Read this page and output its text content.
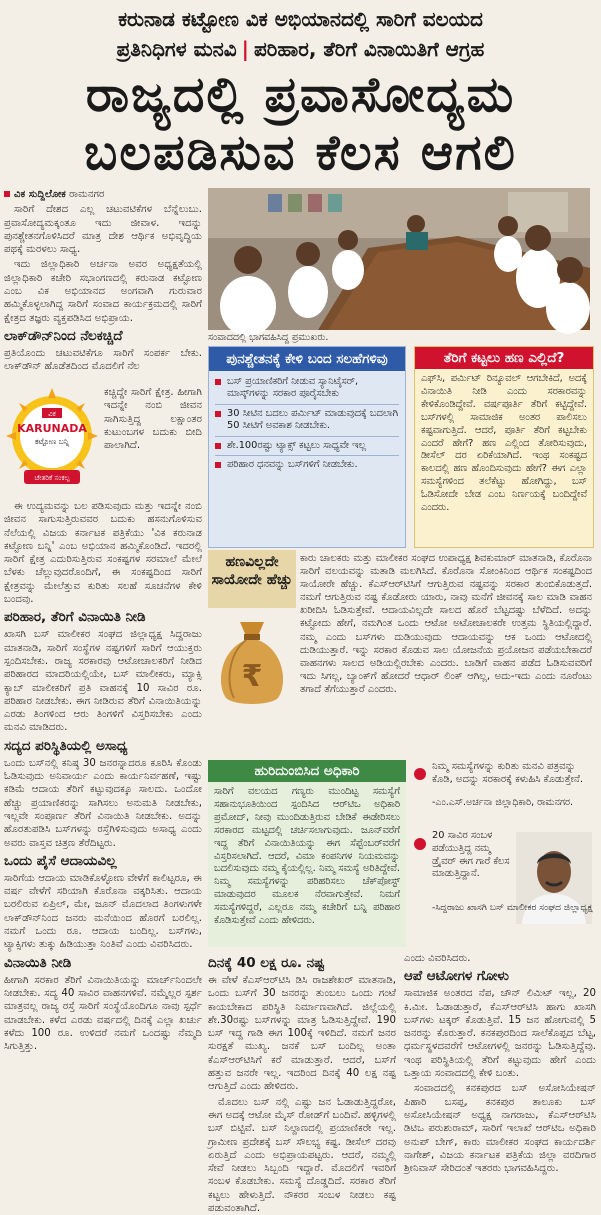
ಕರುನಾಡ ಕಟ್ಟೋಣ ವಿಕ ಅಭಿಯಾನದಲ್ಲಿ ಸಾರಿಗೆ ವಲಯದ
ಪ್ರತಿನಿಧಿಗಳ ಮನವಿ | ಪರಿಹಾರ, ತೆರಿಗೆ ವಿನಾಯಿತಿಗೆ ಆಗ್ರಹ
ರಾಜ್ಯದಲ್ಲಿ ಪ್ರವಾಸೋದ್ಯಮ
ಬಲಪಡಿಸುವ ಕೆಲಸ ಆಗಲಿ

ವಿಕ ಸುದ್ದಿಲೋಕ ರಾಮನಗರ

ಸಾರಿಗೆ ದೇಶದ ಎಲ್ಲ ಚಟುವಟಿಕೆಗಳ ಬೆನ್ನೆಲುಬು. ಪ್ರವಾಸೋದ್ಯಮಕ್ಕಂತೂ ಇದು ಜೀವಾಳ. ಇದನ್ನು ಪುನಶ್ಚೇತನಗೊಳಿಸಿದರೆ ಮಾತ್ರ ದೇಶ ಆರ್ಥಿಕ ಅಭಿವೃದ್ಧಿಯ ಪಥಕ್ಕೆ ಮರಳಲು ಸಾಧ್ಯ.

ಇದು ಜಿಲ್ಲಾಧಿಕಾರಿ ಅರ್ಚನಾ ಅವರ ಅಧ್ಯಕ್ಷತೆಯಲ್ಲಿ ಜಿಲ್ಲಾಧಿಕಾರಿ ಕಚೇರಿ ಸಭಾಂಗಣದಲ್ಲಿ ಕರುನಾಡ ಕಟ್ಟೋಣ ಎಂಬ ವಿಕ ಅಭಿಯಾನದ ಅಂಗವಾಗಿ ಗುರುವಾರ ಹಮ್ಮಿಕೊಳ್ಳಲಾಗಿದ್ದ ಸಾರಿಗೆ ಸಂವಾದ ಕಾರ್ಯಕ್ರಮದಲ್ಲಿ ಸಾರಿಗೆ ಕ್ಷೇತ್ರದ ತಜ್ಞರು ವ್ಯಕ್ತಪಡಿಸಿದ ಅಭಿಪ್ರಾಯ.

ಲಾಕ್‌ಡೌನ್‌ನಿಂದ ನೆಲಕಚ್ಚಿದೆ

ಪ್ರತಿಯೊಂದು ಚಟುವಟಿಕೆಗೂ ಸಾರಿಗೆ ಸಂಪರ್ಕ ಬೇಕು. ಲಾಕ್‌ಡೌನ್ ಹೊಡೆತದಿಂದ ಮೊದಲಿಗೆ ನೆಲ

ವಿಕ
KARUNADA
ಕಟ್ಟೋಣ ಬನ್ನಿ
ಚೇತರಿಕೆ ಸಂಕಲ್ಪ

ಕಚ್ಚಿದ್ದೇ ಸಾರಿಗೆ ಕ್ಷೇತ್ರ. ಹೀಗಾಗಿ ಇದನ್ನೇ ನಂಬಿ ಜೀವನ ಸಾಗಿಸುತ್ತಿದ್ದ ಲಕ್ಷಾಂತರ ಕುಟುಂಬಗಳ ಬದುಕು ಬೀದಿ ಪಾಲಾಗಿದೆ.

ಈ ಉದ್ಯಮವನ್ನು ಬಲ ಪಡಿಸುವುದು ಮತ್ತು ಇದನ್ನೇ ನಂಬಿ ಜೀವನ ಸಾಗುಸುತ್ತಿರುವವರ ಬದುಕು ಹಸನುಗೊಳಿಸುವ ನೆಲೆಯಲ್ಲಿ ವಿಜಯ ಕರ್ನಾಟಕ ಪತ್ರಿಕೆಯು 'ವಿಕ ಕರುನಾಡ ಕಟ್ಟೋಣ ಬನ್ನಿ' ಎಂಬ ಅಭಿಯಾನ ಹಮ್ಮಿಕೊಂಡಿದೆ. ಇದರಲ್ಲಿ ಸಾರಿಗೆ ಕ್ಷೇತ್ರ ಎದುರಿಸುತ್ತಿರುವ ಸಂಕಷ್ಟಗಳ ಸರಮಾಲೆ ಮೇಲೆ ಬೆಳಕು ಚೆಲ್ಲುವುದರೊಂದಿಗೆ, ಈ ಸಂಕಷ್ಟದಿಂದ ಸಾರಿಗೆ ಕ್ಷೇತ್ರವನ್ನು ಮೇಲೆತ್ತುವ ಕುರಿತು ಸಲಹೆ ಸೂಚನೆಗಳ ಕೇಳಿ ಬಂದವು.

ಪರಿಹಾರ, ತೆರಿಗೆ ವಿನಾಯಿತಿ ನೀಡಿ

ಖಾಸಗಿ ಬಸ್ ಮಾಲೀಕರ ಸಂಘದ ಜಿಲ್ಲಾಧ್ಯಕ್ಷ ಸಿದ್ದರಾಜು ಮಾತನಾಡಿ, ಸಾರಿಗೆ ಸಂಸ್ಥೆಗಳ ನಷ್ಟಗಳಿಗೆ ಸಾರಿಗೆ ಆಯುಕ್ತರು ಸ್ಪಂದಿಸಬೇಕು. ರಾಜ್ಯ ಸರಕಾರವು ಆಟೋಚಾಲಕರಿಗೆ ನೀಡಿದ ಪರಿಹಾರದ ಮಾದರಿಯಲ್ಲಿಯೇ, ಬಸ್ ಮಾಲೀಕರು, ಮ್ಯಾಕ್ಸಿ ಕ್ಯಾಬ್ ಮಾಲೀಕರಿಗೆ ಪ್ರತಿ ವಾಹನಕ್ಕೆ 10 ಸಾವಿರ ರೂ. ಪರಿಹಾರ ನೀಡಬೇಕು. ಈಗ ನೀಡಿರುವ ತೆರಿಗೆ ವಿನಾಯಿತಿಯನ್ನು ಎರಡು ತಿಂಗಳಿಂದ ಆರು ತಿಂಗಳಿಗೆ ವಿಸ್ತರಿಸಬೇಕು ಎಂದು ಮನವಿ ಮಾಡಿದರು.

ಸದ್ಯದ ಪರಿಸ್ಥಿತಿಯಲ್ಲಿ ಅಸಾಧ್ಯ

ಒಂದು ಬಸ್‌ನಲ್ಲಿ ಕನಿಷ್ಠ 30 ಜನರನ್ನಾದರೂ ಕೂರಿಸಿ ಕೊಂಡು ಓಡಿಸುವುದು ಅನಿವಾರ್ಯ ಎಂದು ಕಾರ್ಯನಿರ್ವಹಣೆ, ಇಷ್ಟು ಕಡಿಮೆ ಆದಾಯ ತೆರಿಗೆ ಕಟ್ಟುವುದಕ್ಕೂ ಸಾಲದು. ಒಂದೋ ಹೆಚ್ಚು ಪ್ರಯಾಣಿಕರನ್ನು ಸಾಗಿಸಲು ಅನುಮತಿ ನೀಡಬೇಕು, ಇಲ್ಲವೇ ಸಂಪೂರ್ಣ ತೆರಿಗೆ ವಿನಾಯಿತಿ ನೀಡಬೇಕು. ಅದನ್ನು ಹೊರತುಪಡಿಸಿ ಬಸ್‌ಗಳನ್ನು ರಸ್ತೆಗಿಳಿಸುವುದು ಅಸಾಧ್ಯ ಎಂದು ಅವರು ವಾಸ್ತವ ಚಿತ್ರಣ ತೆರೆದಿಟ್ಟರು.

ಒಂದು ಪೈಸೆ ಆದಾಯವಿಲ್ಲ

ಸಾರಿಗೆಯ ಆದಾಯ ಮಾಡಿಕೊಳ್ಳೋಣ ವೇಳೆಗೆ ಕಾಲಿಟ್ಟರೂ, ಈ ವರ್ಷ ವೇಳೆಗೆ ಸರಿಯಾಗಿ ಕೊರೊನಾ ವಕ್ಕರಿಸಿತು. ಆದಾಯ ಬರಲಿರುವ ಏಪ್ರಿಲ್, ಮೇ, ಜೂನ್ ಮೊದಲಾದ ತಿಂಗಳುಗಳೇ ಲಾಕ್‌ಡೌನ್‌ನಿಂದ ಜನರು ಮನೆಯಿಂದ ಹೊರಗೆ ಬರಲಿಲ್ಲ. ನಮಗೆ ಒಂದು ರೂ. ಆದಾಯ ಬಂದಿಲ್ಲ. ಬಸ್‌ಗಳು, ಟ್ಯಾಕ್ಸಿಗಳು ತುಕ್ಕು ಹಿಡಿಯುತ್ತಾ ನಿಂತಿವೆ ಎಂದು ವಿವರಿಸಿದರು.

ವಿನಾಯಿತಿ ನೀಡಿ

ಹೀಗಾಗಿ ಸರಕಾರ ತೆರಿಗೆ ವಿನಾಯಿತಿಯನ್ನು ಮಾರ್ಚ್‌ನಿಂದಲೇ ನೀಡಬೇಕು. ಸದ್ಯ 40 ಸಾವಿರ ವಾಹನಗಳಿವೆ. ನಮ್ಮೆಲ್ಲರ ಸ್ಪರ್ಶ ಮಾತ್ರವಲ್ಲ ರಾಜ್ಯ ರಸ್ತೆ ಸಾರಿಗೆ ಸಂಸ್ಥೆಯೊಂದಿಗೂ ನಾವು ಸ್ಪರ್ಧೆ ಮಾಡಬೇಕು. ಕಳೆದ ಎರಡು ವರ್ಷದಲ್ಲಿ ದಿನಕ್ಕೆ ಎಲ್ಲಾ ಖರ್ಚು ಕಳೆದು 100 ರೂ. ಉಳಿದರೆ ನಮಗೆ ಒಂದಷ್ಟು ನೆಮ್ಮದಿ ಸಿಗುತ್ತಿತ್ತು.

ಸಂವಾದದಲ್ಲಿ ಭಾಗವಹಿಸಿದ್ದ ಪ್ರಮುಖರು.
ಪುನಶ್ಚೇತನಕ್ಕೆ ಕೇಳಿ ಬಂದ ಸಲಹೆಗಳಿವು
ಬಸ್ ಪ್ರಯಾಣಿಕರಿಗೆ ನೀಡುವ ಸ್ಯಾನಿಟೈಸರ್, ಮಾಸ್ಕ್‌ಗಳನ್ನು ಸರಕಾರ ಪೂರೈಸಬೇಕು
30 ಸೀಟಿನ ಬದಲು ಪರ್ಮಿಟ್ ಮಾಡುವುದಕ್ಕೆ ಬದಲಾಗಿ 50 ಸೀಟಿಗೆ ಅವಕಾಶ ನೀಡಬೇಕು.
ಶೇ.100ರಷ್ಟು ಟ್ಯಾಕ್ಸ್ ಕಟ್ಟಲು ಸಾಧ್ಯವೇ ಇಲ್ಲ
ಪರಿಹಾರ ಧನವನ್ನು ಬಸ್‌ಗಳಿಗೆ ನೀಡಬೇಕು.
ತೆರಿಗೆ ಕಟ್ಟಲು ಹಣ ಎಲ್ಲಿದೆ?
ಎಫ್‌ಸಿ, ಪರ್ಮಿಟ್ ರಿನ್ಯೂವಲ್ ಆಗಬೇಕಿದೆ, ಅದಕ್ಕೆ ವಿನಾಯಿತಿ ನೀಡಿ ಎಂದು ಸರಕಾರವನ್ನು ಕೇಳಿಕೊಂಡಿದ್ದೇವೆ. ವರ್ಷಪೂರ್ತಿ ತೆರಿಗೆ ಕಟ್ಟಿದ್ದೇವೆ. ಬಸ್‌ಗಳಲ್ಲಿ ಸಾಮಾಜಿಕ ಅಂತರ ಪಾಲಿಸಲು ಕಷ್ಟವಾಗುತ್ತಿದೆ. ಆದರೆ, ಪೂರ್ತಿ ತೆರಿಗೆ ಕಟ್ಟಬೇಕು ಎಂದರೆ ಹೇಗೆ? ಹಣ ಎಲ್ಲಿಂದ ತೋರಿಸುವುದು, ಡೀಸೆಲ್ ದರ ಏರಿಕೆಯಾಗಿದೆ. ಇಂಥ ಸಂಕಷ್ಟದ ಕಾಲದಲ್ಲಿ ಹಣ ಹೊಂದಿಸುವುದು ಹೇಗೆ? ಈಗ ಎಲ್ಲಾ ಸಮಸ್ಯೆಗಳಿಂದ ತಲೆಕೆಟ್ಟು ಹೋಗಿದ್ದು, ಬಸ್ ಓಡಿಸೋದೇ ಬೇಡ ಎಂಬ ನಿರ್ಣಯಕ್ಕೆ ಬಂದಿದ್ದೇವೆ ಎಂದರು.
ಹಣವಿಲ್ಲದೇ ಸಾಯೋದೇ ಹೆಚ್ಚು
₹
ಕಾರು ಚಾಲಕರು ಮತ್ತು ಮಾಲೀಕರ ಸಂಘದ ಉಪಾಧ್ಯಕ್ಷ ಶಿವಕುಮಾರ್ ಮಾತನಾಡಿ, ಕೊರೊನಾ ಸಾರಿಗೆ ವಲಯವನ್ನು ಮತಾಡಿ ಮಲಗಿಸಿದೆ. ಕೊರೊನಾ ಸೋಂಕಿನಿಂದ ಆರ್ಥಿಕ ಸಂಕಷ್ಟದಿಂದ ಸಾಯೋರೇ ಹೆಚ್ಚು. ಕೆಎಸ್‌ಆರ್‌ಟಿಸಿಗೆ ಆಗುತ್ತಿರುವ ನಷ್ಟವನ್ನು ಸರಕಾರ ತುಂಬಿಕೊಡುತ್ತದೆ. ನಮಗೆ ಆಗುತ್ತಿರುವ ನಷ್ಟ ಕೊಡೋರು ಯಾರು, ನಾವು ಮನೆಗೆ ಜೀವನಕ್ಕೆ ಸಾಲ ಮಾಡಿ ವಾಹನ ಖರೀದಿಸಿ ಓಡಿಸುತ್ತೇವೆ. ಆದಾಯವಿಲ್ಲದೇ ಸಾಲದ ಹೊರೆ ಬೆಟ್ಟದಷ್ಟು ಬೆಳೆದಿದೆ. ಅದನ್ನು ಕಟ್ಟೋದು ಹೇಗೆ, ನಮಗಿಂತ ಒಂದು ಆಟೋ ಅಟೋಚಾಲಕರೇ ಉತ್ತಮ ಸ್ಥಿತಿಯಲ್ಲಿದ್ದಾರೆ. ನಮ್ಮ ಎಂದು ಬಸ್‌ಗಳು ದುಡಿಯುವುದು ಆದಾಯವನ್ನು ಆಕ ಒಂದು ಆಟೋದಲ್ಲಿ ದುಡಿಯುತ್ತಾರೆ. ಇನ್ನು ಸರಕಾರ ಕೊಡುವ ಸಾಲ ಯೋಜನೆಯ ಪ್ರಯೋಜನ ಪಡೆಯಬೇಕಾದರೆ ವಾಹನಗಳು ಸಾಲದ ಅಡಿಯಲ್ಲಿರಬೇಕು ಎಂದರು. ಬಾಡಿಗೆ ವಾಹನ ಪಡೆದ ಓಡಿಸುವವರಿಗೆ ಇದು ಸಿಗಲ್ಲ, ಬ್ಯಾಂಕ್‌ಗೆ ಹೋದರೆ ಆಧಾರ್ ಲಿಂಕ್ ಆಗಿಲ್ಲ, ಅದು-ಇದು ಎಂದು ನೂರೆಂಟು ತಗಾದೆ ತೆಗೆಯುತ್ತಾರೆ ಎಂದರು.
ಹುರಿದುಂಬಿಸಿದ ಅಧಿಕಾರಿ
ಸಾರಿಗೆ ವಲಯದ ಗಣ್ಯರು ಮುಂದಿಟ್ಟ ಸಮಸ್ಯೆಗೆ ಸಹಾನುಭೂತಿಯಿಂದ ಸ್ಪಂದಿಸಿದ ಆರ್‌ಟಿಒ ಅಧಿಕಾರಿ ಪ್ರಮೋದ್, ನೀವು ಮುಂದಿಡುತ್ತಿರುವ ಬೇಡಿಕೆ ಈಡೇರಿಸಲು ಸರಕಾರದ ಮಟ್ಟದಲ್ಲಿ ಚರ್ಚಿಸಲಾಗುವುದು. ಜೂನ್‌ವರೆಗೆ ಇದ್ದ ತೆರಿಗೆ ವಿನಾಯಿತಿಯನ್ನು ಈಗ ಸೆಪ್ಟೆಂಬರ್‌ವರೆಗೆ ವಿಸ್ತರಿಸಲಾಗಿದೆ. ಆದರೆ, ವಿಮಾ ಕಂಪನಿಗಳ ನಿಯಮವನ್ನು ಬದಲಿಸುವುದು ನಮ್ಮ ಕೈಯಲ್ಲಿಲ್ಲ. ನಿಮ್ಮ ಸಮಸ್ಯೆ ಅರಿತಿದ್ದೇವೆ. ನಿಮ್ಮ ಸಮಸ್ಯೆಗಳನ್ನು ಪರಿಹರಿಸಲು ಚೆಕ್‌ಪೋಸ್ಟ್ ಮಾಡುವುದರ ಮೂಲಕ ನೆರವಾಗುತ್ತೇವೆ. ನಿಮಗೆ ಸಮಸ್ಯೆಗಳಿದ್ದರೆ, ಎಲ್ಲರೂ ನಮ್ಮ ಕಚೇರಿಗೆ ಬನ್ನಿ ಪರಿಹಾರ ಕೊಡಿಸುತ್ತೇವೆ ಎಂದು ಹೇಳಿದರು.
ನಿಮ್ಮ ಸಮಸ್ಯೆಗಳನ್ನು ಕುರಿತು ಮನವಿ ಪತ್ರವನ್ನು ಕೊಡಿ, ಅದನ್ನು ಸರಕಾರಕ್ಕೆ ಕಳುಹಿಸಿ ಕೊಡುತ್ತೇನೆ.
-ಎಂ.ಎಸ್.ಅರ್ಚನಾ ಜಿಲ್ಲಾಧಿಕಾರಿ, ರಾಮನಗರ.
20 ಸಾವಿರ ಸಂಬಳ ಪಡೆಯುತ್ತಿದ್ದ ನಮ್ಮ ಡ್ರೈವರ್ ಈಗ ಗಾರೆ ಕೆಲಸ ಮಾಡುತ್ತಿದ್ದಾನೆ.
-ಸಿದ್ದರಾಜು ಖಾಸಗಿ ಬಸ್ ಮಾಲೀಕರ ಸಂಘದ ಜಿಲ್ಲಾಧ್ಯಕ್ಷ
ದಿನಕ್ಕೆ 40 ಲಕ್ಷ ರೂ. ನಷ್ಟ

ಈ ವೇಳೆ ಕೆಎಸ್‌ಆರ್‌ಟಿಸಿ ಡಿಸಿ ರಾಜಶೇಖರ್ ಮಾತನಾಡಿ, ಒಂದು ಬಸ್‌ಗೆ 30 ಜನರನ್ನು ತುಂಬಲು ಒಂದು ಗಂಟೆ ಕಾಯಬೇಕಾದ ಪರಿಸ್ಥಿತಿ ನಿರ್ಮಾಣವಾಗಿದೆ. ಜಿಲ್ಲೆಯಲ್ಲಿ ಶೇ.30ರಷ್ಟು ಬಸ್‌ಗಳನ್ನು ಮಾತ್ರ ಓಡಿಸುತ್ತಿದ್ದೇವೆ. 190 ಬಸ್ ಇದ್ದ ಗಾಡಿ ಈಗ 100ಕ್ಕೆ ಇಳಿದಿದೆ. ನಮಗೆ ಜನರ ಸುರಕ್ಷತೆ ಮುಖ್ಯ. ಜನಕೆ ಬಸ್ ಬಂದಿಲ್ಲ ಅಂತಾ ಕೆಎಸ್‌ಆರ್‌ಟಿಸಿಗೆ ಕರೆ ಮಾಡುತ್ತಾರೆ. ಆದರೆ, ಬಸ್‌ಗೆ ಹತ್ತುವ ಜನರೇ ಇಲ್ಲ. ಇದರಿಂದ ದಿನಕ್ಕೆ 40 ಲಕ್ಷ ನಷ್ಟ ಆಗುತ್ತಿದೆ ಎಂದು ಹೇಳಿದರು.

ಮೊದಲು ಬಸ್ ನಲ್ಲಿ ಎಷ್ಟು ಜನ ಓಡಾಡುತ್ತಿದ್ದರೋ, ಈಗ ಅದಕ್ಕೆ ಆಟೋ ಮೈಸ್ ರೋಡ್‌ಗೆ ಬಂದಿವೆ. ಹಳ್ಳಿಗಳಲ್ಲಿ ಬಸ್‌ ಬಿಟ್ಟಿವೆ. ಬಸ್‌ ನಿಲ್ದಾಣದಲ್ಲಿ ಪ್ರಯಾಣಿಕರೇ ಇಲ್ಲ. ಗ್ರಾಮೀಣ ಪ್ರದೇಶಕ್ಕೆ ಬಸ್ ಸೌಲಭ್ಯ ಕಷ್ಟ. ಡೀಸೆಲ್ ದರವು ಏರುತ್ತಿದೆ ಎಂದು ಅಭಿಪ್ರಾಯಪಟ್ಟರು. ಆದರೆ, ನಮ್ಮಲ್ಲಿ ಸೇವೆ ನೀಡಲು ಸಿಬ್ಬಂದಿ ಇದ್ದಾರೆ. ಮೊದಲಿಗೆ ಇವರಿಗೆ ಸಂಬಳ ಕೊಡಬೇಕು. ಸಮಸ್ಯೆ ದೊಡ್ಡದಿದೆ. ಸರಕಾರ ತೆರಿಗೆ ಕಟ್ಟಲು ಹೇಳುತ್ತಿದೆ. ನೌಕರರ ಸಂಬಳ ನೀಡಲು ಕಷ್ಟ ಪಡುವಂತಾಗಿದೆ.

ಎಂದು ವಿವರಿಸಿದರು.

ಆಪೆ ಆಟೋಗಳ ಗೋಳು

ಸಾಮಾಜಿಕ ಅಂತರದ ನೆಪ, ಚೌನ್ ಲಿಮಿಟ್ ಇಲ್ಲ, 20 ಕಿ.ಮೀ. ಓಡಾಡುತ್ತಾರೆ, ಕೆಎಸ್‌ಆರ್‌ಟಿಸಿ ಹಾಗು ಖಾಸಗಿ ಬಸ್‌ಗಳು ಟಕ್ಕರ್ ಕೊಡುತ್ತಿವೆ. 15 ಜನ ಹೋಗುವಲ್ಲಿ 5 ಜನರನ್ನು ಕೊರುತ್ತಾರೆ. ಕನಕಪುರದಿಂದ ಸಾಲೆಕೊಪ್ಪದ ಬೆಟ್ಟ, ಧರ್ಮಸ್ಥಳದವರೆಗೆ ಆಟೋಗಳಲ್ಲಿ ಜನರನ್ನು ಓಡಿಸುತ್ತಿದ್ದೆವು. ಇಂಥ ಪರಿಸ್ಥಿತಿಯಲ್ಲಿ ತೆರಿಗೆ ಕಟ್ಟುವುದು ಹೇಗೆ ಎಂದು ಒತ್ತಾಯ ಸಂವಾದದಲ್ಲಿ ಕೇಳಿ ಬಂತು.

ಸಂವಾದದಲ್ಲಿ ಕನಕಪುರದ ಬಸ್ ಅಸೋಸಿಯೇಷನ್ ಪಿಹಾರಿ ಬಸಪ್ಪ, ಕನಕಪುರ ತಾಲೂಕು ಬಸ್ ಅಸೋಸಿಯೇಷನ್ ಅಧ್ಯಕ್ಷ ನಾಗರಾಜು, ಕೆಎಸ್‌ಆರ್‌ಟಿಸಿ ಡಿಟಿಒ ಪರುಶುರಾಮ್, ಸಾರಿಗೆ ಇಲಾಖೆ ಆರ್‌ಟಿಒ ಅಧಿಕಾರಿ ಅನುಪ್ ಬೇಗ್, ಕಾರು ಮಾಲೀಕರ ಸಂಘದ ಕಾರ್ಯದರ್ಶಿ ನಾಗೇಶ್, ವಿಜಯ ಕರ್ನಾಟಕ ಪತ್ರಿಕೆಯ ಜಿಲ್ಲಾ ವರದಿಗಾರ ಶ್ರೀನಿವಾಸ್ ಸೇರಿದಂತೆ ಇತರರು ಭಾಗವಹಿಸಿದ್ದರು.
